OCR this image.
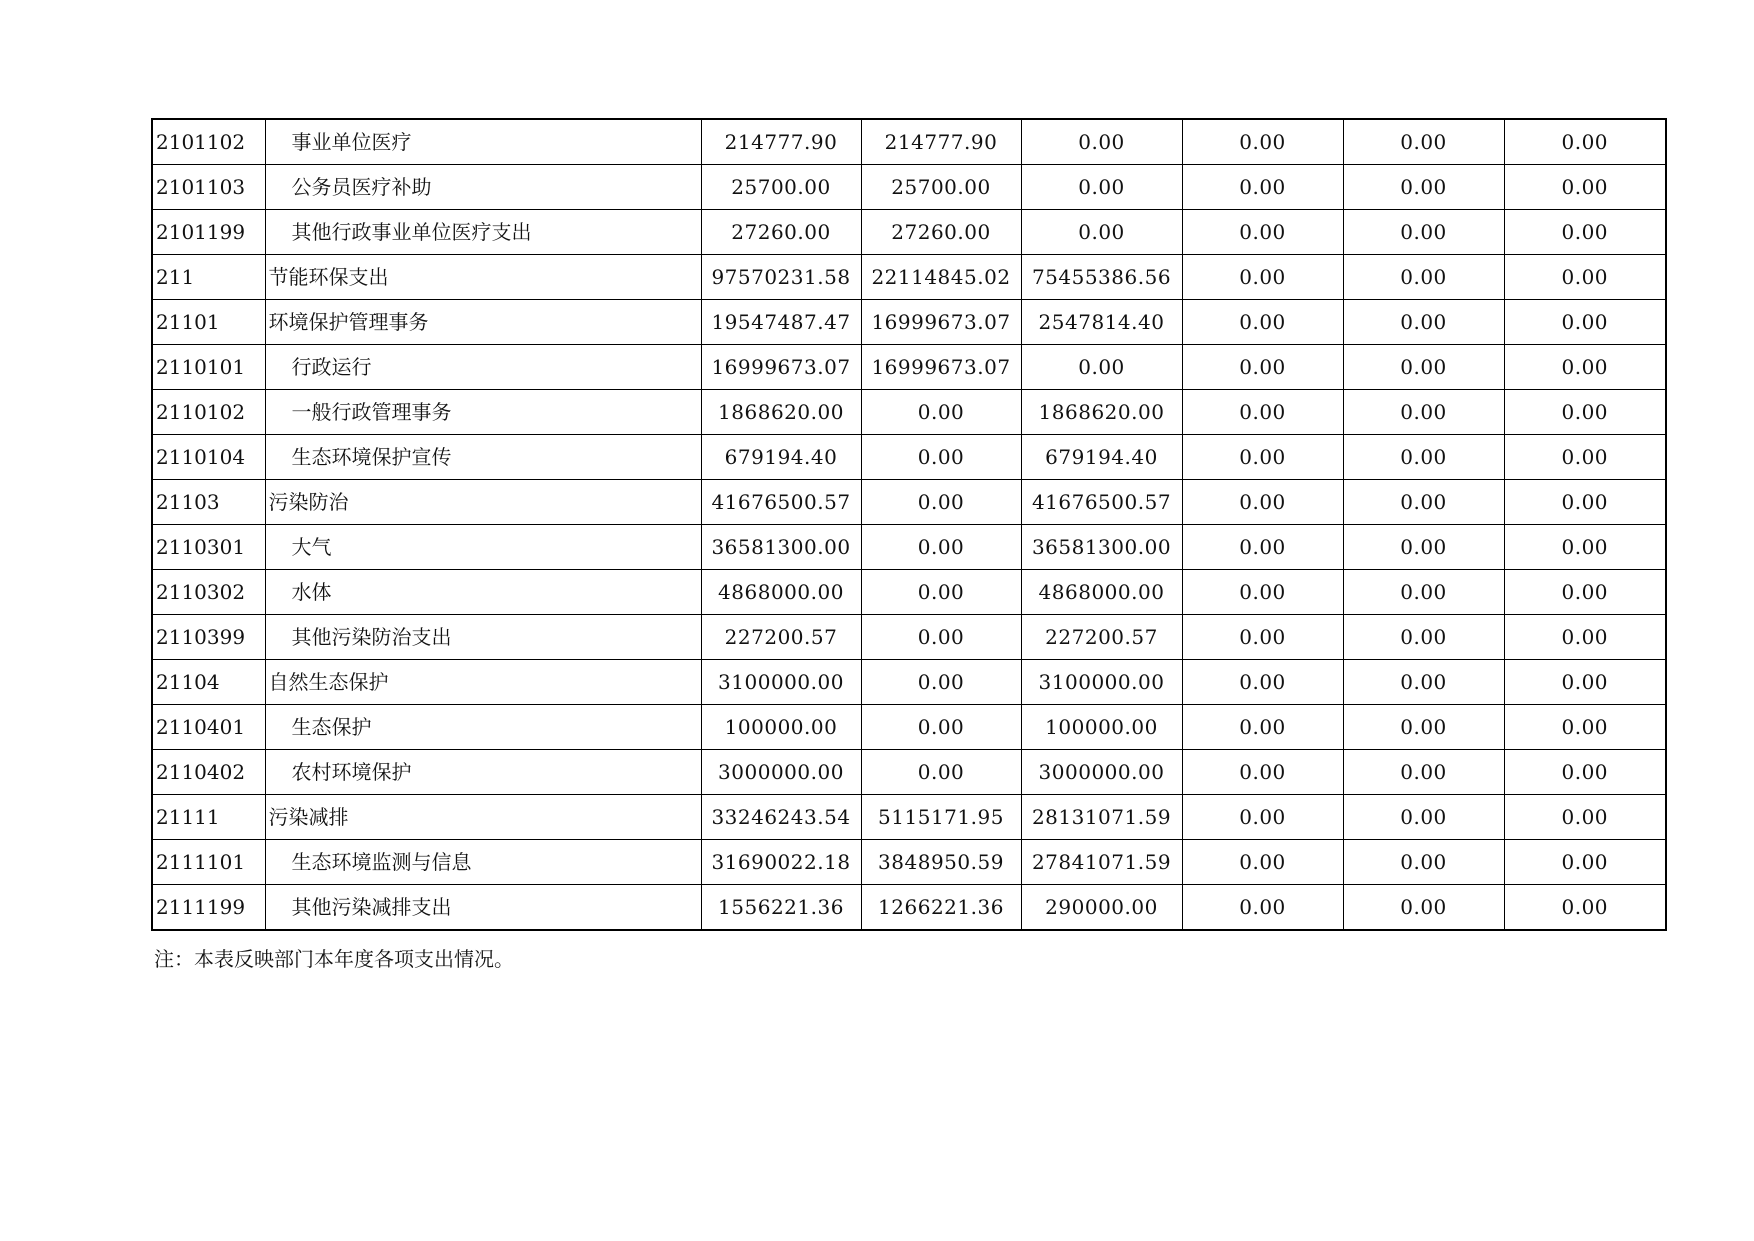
2101102	事业单位医疗	214777.90	214777.90	0.00	0.00	0.00	0.00
2101103	公务员医疗补助	25700.00	25700.00	0.00	0.00	0.00	0.00
2101199	其他行政事业单位医疗支出	27260.00	27260.00	0.00	0.00	0.00	0.00
211	节能环保支出	97570231.58	22114845.02	75455386.56	0.00	0.00	0.00
21101	环境保护管理事务	19547487.47	16999673.07	2547814.40	0.00	0.00	0.00
2110101	行政运行	16999673.07	16999673.07	0.00	0.00	0.00	0.00
2110102	一般行政管理事务	1868620.00	0.00	1868620.00	0.00	0.00	0.00
2110104	生态环境保护宣传	679194.40	0.00	679194.40	0.00	0.00	0.00
21103	污染防治	41676500.57	0.00	41676500.57	0.00	0.00	0.00
2110301	大气	36581300.00	0.00	36581300.00	0.00	0.00	0.00
2110302	水体	4868000.00	0.00	4868000.00	0.00	0.00	0.00
2110399	其他污染防治支出	227200.57	0.00	227200.57	0.00	0.00	0.00
21104	自然生态保护	3100000.00	0.00	3100000.00	0.00	0.00	0.00
2110401	生态保护	100000.00	0.00	100000.00	0.00	0.00	0.00
2110402	农村环境保护	3000000.00	0.00	3000000.00	0.00	0.00	0.00
21111	污染减排	33246243.54	5115171.95	28131071.59	0.00	0.00	0.00
2111101	生态环境监测与信息	31690022.18	3848950.59	27841071.59	0.00	0.00	0.00
2111199	其他污染减排支出	1556221.36	1266221.36	290000.00	0.00	0.00	0.00
注：本表反映部门本年度各项支出情况。
